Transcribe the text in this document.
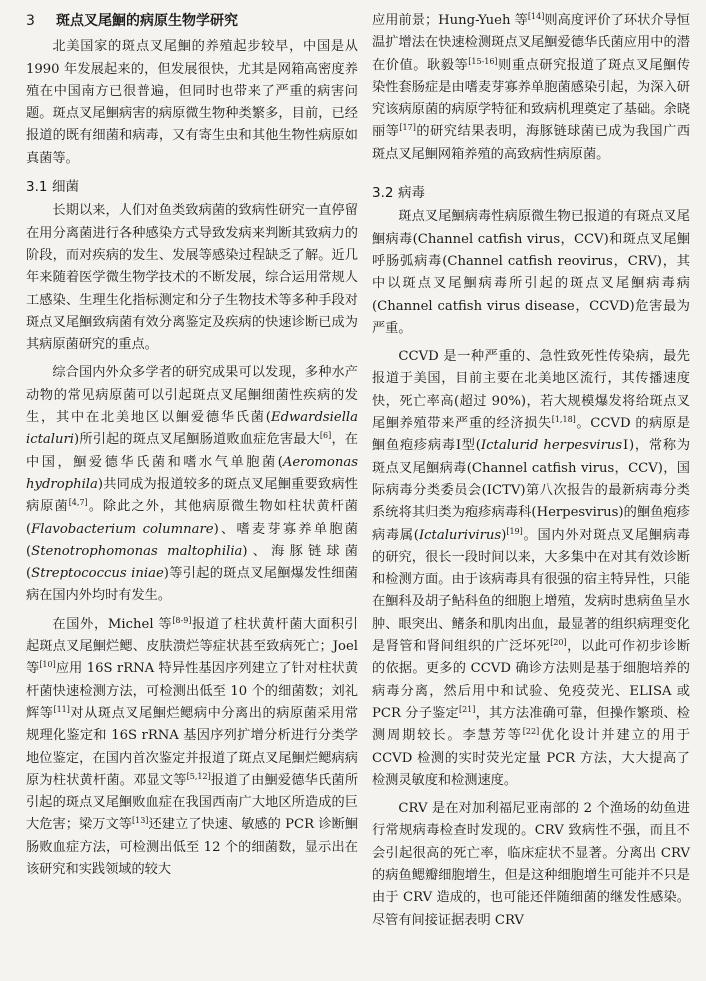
3 斑点叉尾鮰的病原生物学研究

北美国家的斑点叉尾鮰的养殖起步较早，中国是从 1990 年发展起来的，但发展很快，尤其是网箱高密度养殖在中国南方已很普遍，但同时也带来了严重的病害问题。斑点叉尾鮰病害的病原微生物种类繁多，目前，已经报道的既有细菌和病毒，又有寄生虫和其他生物性病原如真菌等。

3.1 细菌

长期以来，人们对鱼类致病菌的致病性研究一直停留在用分离菌进行各种感染方式导致发病来判断其致病力的阶段，而对疾病的发生、发展等感染过程缺乏了解。近几年来随着医学微生物学技术的不断发展，综合运用常规人工感染、生理生化指标测定和分子生物技术等多种手段对斑点叉尾鮰致病菌有效分离鉴定及疾病的快速诊断已成为其病原菌研究的重点。

综合国内外众多学者的研究成果可以发现，多种水产动物的常见病原菌可以引起斑点叉尾鮰细菌性疾病的发生，其中在北美地区以鮰爱德华氏菌(Edwardsiella ictaluri)所引起的斑点叉尾鮰肠道败血症危害最大[6]，在中国，鮰爱德华氏菌和嗜水气单胞菌(Aeromonas hydrophila)共同成为报道较多的斑点叉尾鮰重要致病性病原菌[4,7]。除此之外，其他病原微生物如柱状黄杆菌(Flavobacterium columnare)、嗜麦芽寡养单胞菌(Stenotrophomonas maltophilia)、海豚链球菌(Streptococcus iniae)等引起的斑点叉尾鮰爆发性细菌病在国内外均时有发生。

在国外，Michel 等[8-9]报道了柱状黄杆菌大面积引起斑点叉尾鮰烂鳃、皮肤溃烂等症状甚至致病死亡；Joel 等[10]应用 16S rRNA 特异性基因序列建立了针对柱状黄杆菌快速检测方法，可检测出低至 10 个的细菌数；刘礼辉等[11]对从斑点叉尾鮰烂鳃病中分离出的病原菌采用常规理化鉴定和 16S rRNA 基因序列扩增分析进行分类学地位鉴定，在国内首次鉴定并报道了斑点叉尾鮰烂鳃病病原为柱状黄杆菌。邓显文等[5,12]报道了由鮰爱德华氏菌所引起的斑点叉尾鮰败血症在我国西南广大地区所造成的巨大危害；梁万文等[13]还建立了快速、敏感的 PCR 诊断鮰肠败血症方法，可检测出低至 12 个的细菌数，显示出在该研究和实践领域的较大

应用前景；Hung-Yueh 等[14]则高度评价了环状介导恒温扩增法在快速检测斑点叉尾鮰爱德华氏菌应用中的潜在价值。耿毅等[15-16]则重点研究报道了斑点叉尾鮰传染性套肠症是由嗜麦芽寡养单胞菌感染引起，为深入研究该病原菌的病原学特征和致病机理奠定了基础。余晓丽等[17]的研究结果表明，海豚链球菌已成为我国广西斑点叉尾鮰网箱养殖的高致病性病原菌。

3.2 病毒

斑点叉尾鮰病毒性病原微生物已报道的有斑点叉尾鮰病毒(Channel catfish virus，CCV)和斑点叉尾鮰呼肠弧病毒(Channel catfish reovirus，CRV)，其中以斑点叉尾鮰病毒所引起的斑点叉尾鮰病毒病(Channel catfish virus disease，CCVD)危害最为严重。

CCVD 是一种严重的、急性致死性传染病，最先报道于美国，目前主要在北美地区流行，其传播速度快，死亡率高(超过 90%)，若大规模爆发将给斑点叉尾鮰养殖带来严重的经济损失[1,18]。CCVD 的病原是鮰鱼疱疹病毒Ⅰ型(Ictalurid herpesvirusⅠ)，常称为斑点叉尾鮰病毒(Channel catfish virus，CCV)，国际病毒分类委员会(ICTV)第八次报告的最新病毒分类系统将其归类为疱疹病毒科(Herpesvirus)的鮰鱼疱疹病毒属(Ictalurivirus)[19]。国内外对斑点叉尾鮰病毒的研究，很长一段时间以来，大多集中在对其有效诊断和检测方面。由于该病毒具有很强的宿主特异性，只能在鮰科及胡子鲇科鱼的细胞上增殖，发病时患病鱼呈水肿、眼突出、鳍条和肌肉出血，最显著的组织病理变化是肾管和肾间组织的广泛坏死[20]，以此可作初步诊断的依据。更多的 CCVD 确诊方法则是基于细胞培养的病毒分离，然后用中和试验、免疫荧光、ELISA 或 PCR 分子鉴定[21]，其方法准确可靠，但操作繁琐、检测周期较长。李慧芳等[22]优化设计并建立的用于 CCVD 检测的实时荧光定量 PCR 方法，大大提高了检测灵敏度和检测速度。

CRV 是在对加利福尼亚南部的 2 个渔场的幼鱼进行常规病毒检查时发现的。CRV 致病性不强，而且不会引起很高的死亡率，临床症状不显著。分离出 CRV 的病鱼鳃瓣细胞增生，但是这种细胞增生可能并不只是由于 CRV 造成的，也可能还伴随细菌的继发性感染。尽管有间接证据表明 CRV
